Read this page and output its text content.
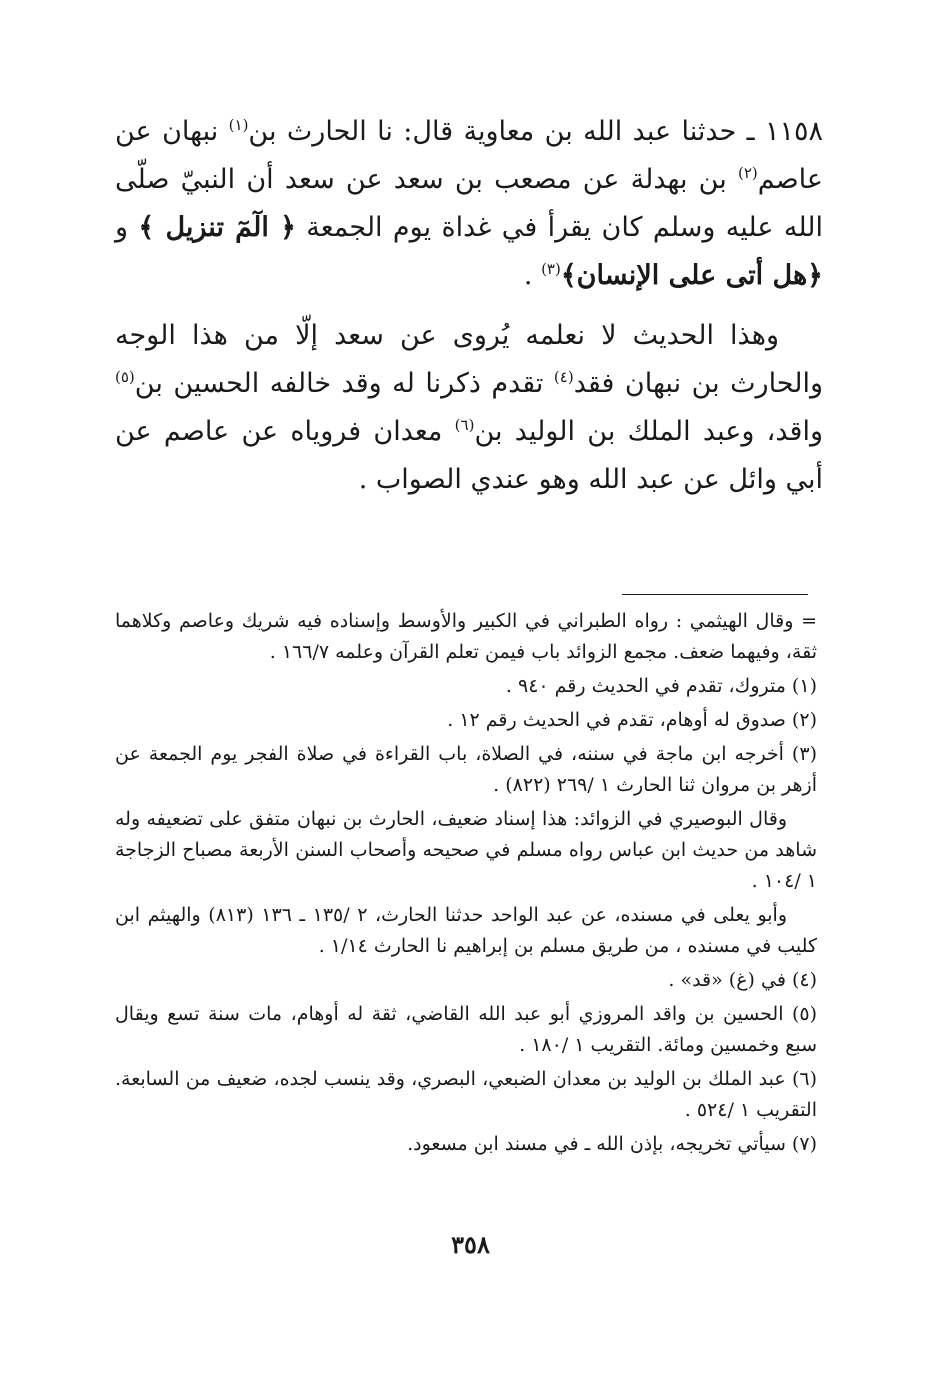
١١٥٨ ـ حدثنا عبد الله بن معاوية قال: نا الحارث بن$^{(١)}$ نبهان عن عاصم$^{(٢)}$ بن بهدلة عن مصعب بن سعد عن سعد أن النبيّ صلّى الله عليه وسلم كان يقرأ في غداة يوم الجمعة ﴿ الٓمٓ تنزيل ﴾ و ﴿هل أتى على الإنسان﴾$^{(٣)}$ .

وهذا الحديث لا نعلمه يُروى عن سعد إلّا من هذا الوجه والحارث بن نبهان فقد$^{(٤)}$ تقدم ذكرنا له وقد خالفه الحسين بن$^{(٥)}$ واقد، وعبد الملك بن الوليد بن$^{(٦)}$ معدان فروياه عن عاصم عن أبي وائل عن عبد الله وهو عندي الصواب .

= وقال الهيثمي : رواه الطبراني في الكبير والأوسط وإسناده فيه شريك وعاصم وكلاهما ثقة، وفيهما ضعف. مجمع الزوائد باب فيمن تعلم القرآن وعلمه ١٦٦/٧ .

(١) متروك، تقدم في الحديث رقم ٩٤٠ .

(٢) صدوق له أوهام، تقدم في الحديث رقم ١٢ .

(٣) أخرجه ابن ماجة في سننه، في الصلاة، باب القراءة في صلاة الفجر يوم الجمعة عن أزهر بن مروان ثنا الحارث ١ /٢٦٩ (٨٢٢) .

وقال البوصيري في الزوائد: هذا إسناد ضعيف، الحارث بن نبهان متفق على تضعيفه وله شاهد من حديث ابن عباس رواه مسلم في صحيحه وأصحاب السنن الأربعة مصباح الزجاجة ١ /١٠٤ .

وأبو يعلى في مسنده، عن عبد الواحد حدثنا الحارث، ٢ /١٣٥ ـ ١٣٦ (٨١٣) والهيثم ابن كليب في مسنده ، من طريق مسلم بن إبراهيم نا الحارث ١/١٤ .

(٤) في (غ) «قد» .

(٥) الحسين بن واقد المروزي أبو عبد الله القاضي، ثقة له أوهام، مات سنة تسع ويقال سبع وخمسين ومائة. التقريب ١ /١٨٠ .

(٦) عبد الملك بن الوليد بن معدان الضبعي، البصري، وقد ينسب لجده، ضعيف من السابعة. التقريب ١ /٥٢٤ .

(٧) سيأتي تخريجه، بإذن الله ـ في مسند ابن مسعود.

٣٥٨
